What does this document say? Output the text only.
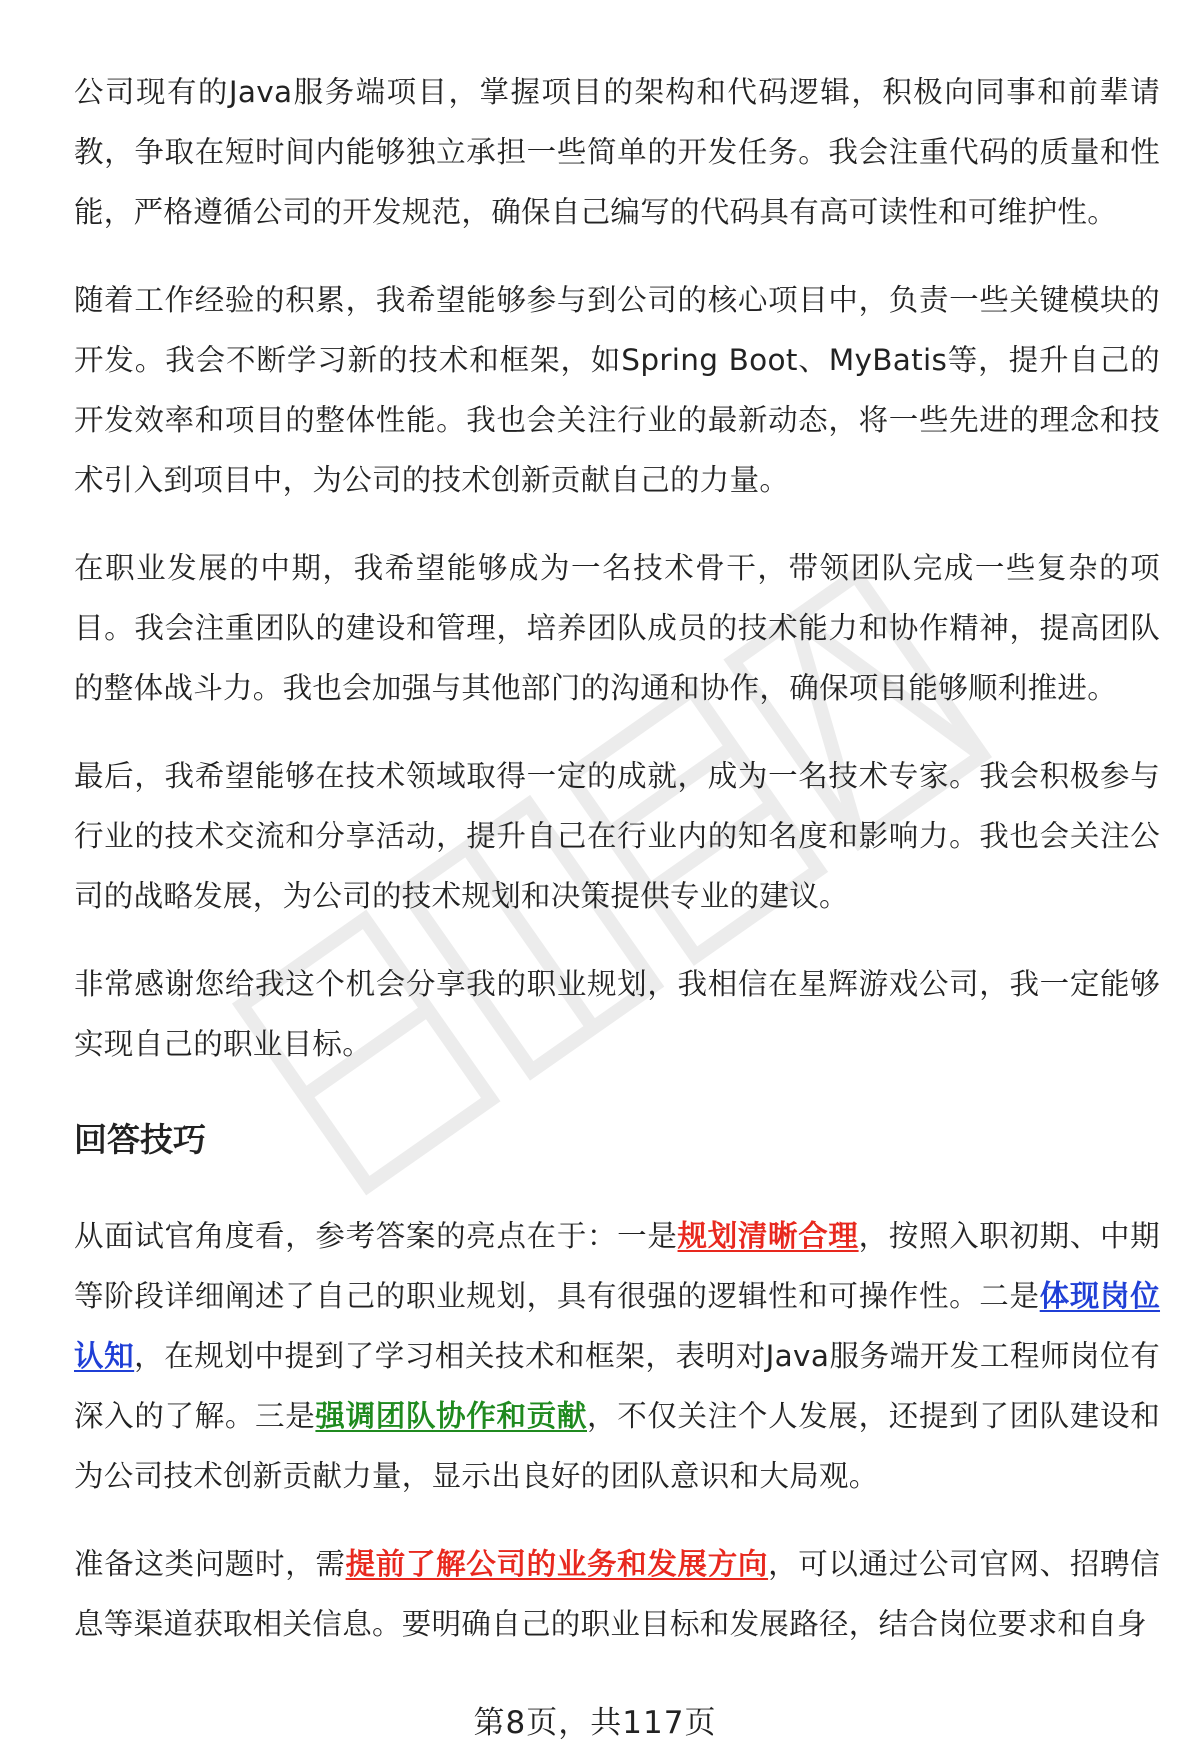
公司现有的Java服务端项目，掌握项目的架构和代码逻辑，积极向同事和前辈请教，争取在短时间内能够独立承担一些简单的开发任务。我会注重代码的质量和性能，严格遵循公司的开发规范，确保自己编写的代码具有高可读性和可维护性。

随着工作经验的积累，我希望能够参与到公司的核心项目中，负责一些关键模块的开发。我会不断学习新的技术和框架，如Spring Boot、MyBatis等，提升自己的开发效率和项目的整体性能。我也会关注行业的最新动态，将一些先进的理念和技术引入到项目中，为公司的技术创新贡献自己的力量。

在职业发展的中期，我希望能够成为一名技术骨干，带领团队完成一些复杂的项目。我会注重团队的建设和管理，培养团队成员的技术能力和协作精神，提高团队的整体战斗力。我也会加强与其他部门的沟通和协作，确保项目能够顺利推进。

最后，我希望能够在技术领域取得一定的成就，成为一名技术专家。我会积极参与行业的技术交流和分享活动，提升自己在行业内的知名度和影响力。我也会关注公司的战略发展，为公司的技术规划和决策提供专业的建议。

非常感谢您给我这个机会分享我的职业规划，我相信在星辉游戏公司，我一定能够实现自己的职业目标。

回答技巧

从面试官角度看，参考答案的亮点在于：一是规划清晰合理，按照入职初期、中期等阶段详细阐述了自己的职业规划，具有很强的逻辑性和可操作性。二是体现岗位认知，在规划中提到了学习相关技术和框架，表明对Java服务端开发工程师岗位有深入的了解。三是强调团队协作和贡献，不仅关注个人发展，还提到了团队建设和为公司技术创新贡献力量，显示出良好的团队意识和大局观。

准备这类问题时，需提前了解公司的业务和发展方向，可以通过公司官网、招聘信息等渠道获取相关信息。要明确自己的职业目标和发展路径，结合岗位要求和自身

第8页，共117页
